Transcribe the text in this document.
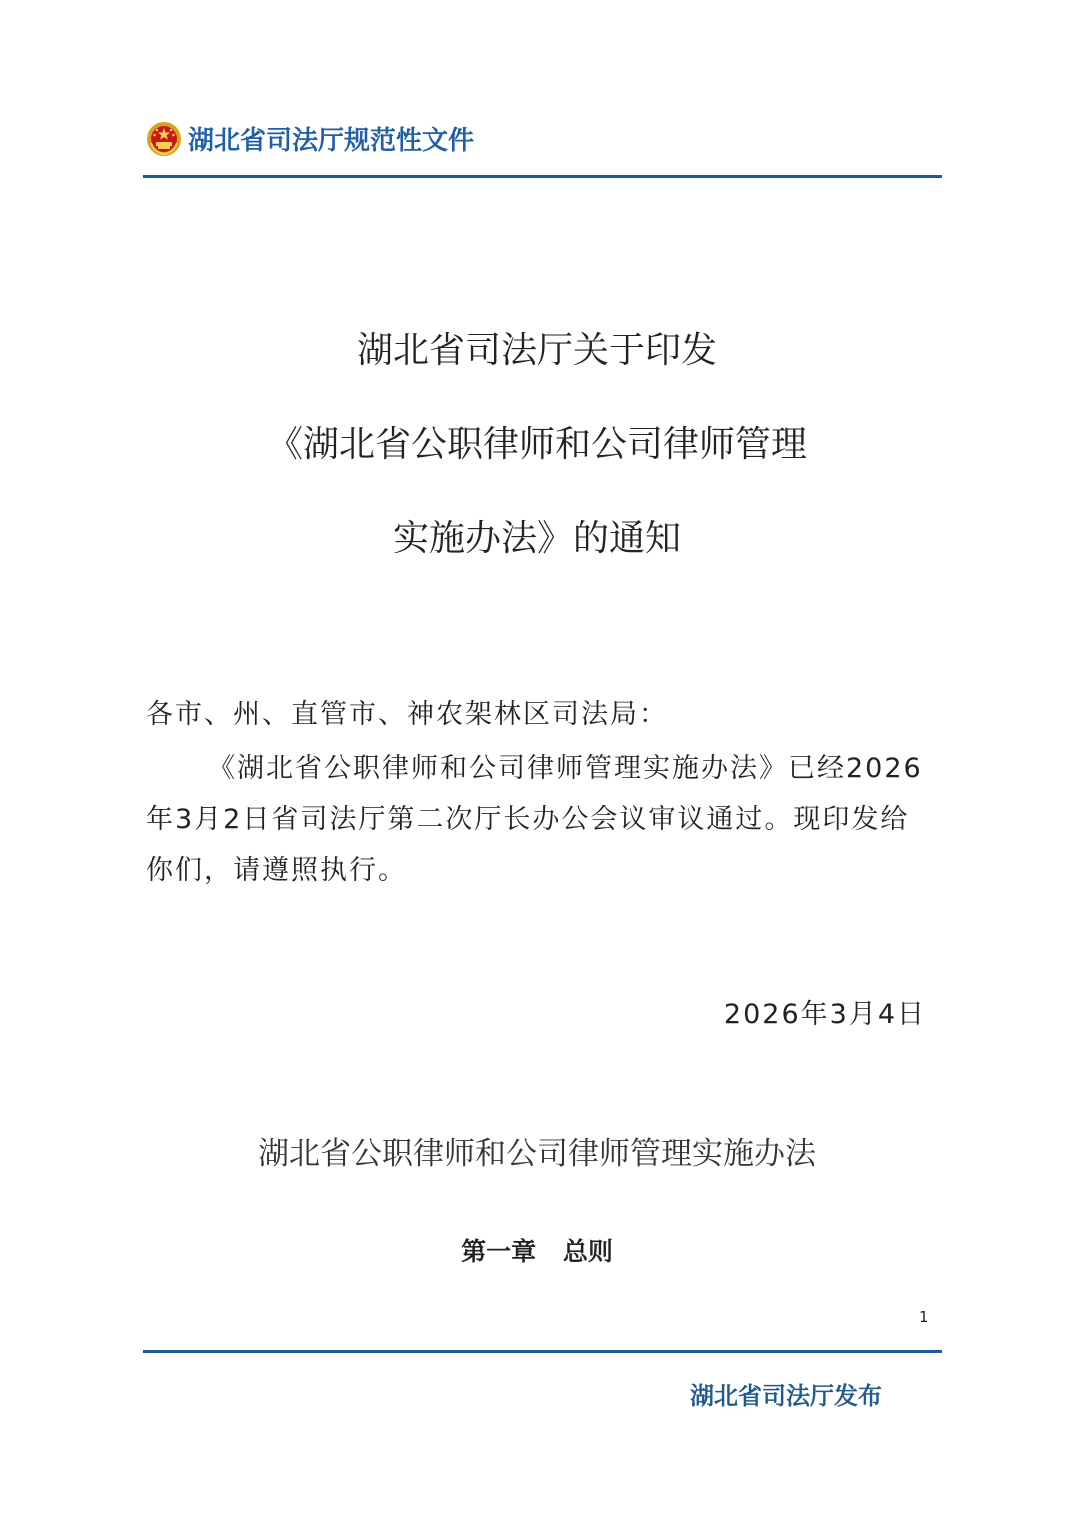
湖北省司法厅规范性文件
湖北省司法厅关于印发
《湖北省公职律师和公司律师管理
实施办法》的通知
各市、州、直管市、神农架林区司法局：
《湖北省公职律师和公司律师管理实施办法》已经2026年3月2日省司法厅第二次厅长办公会议审议通过。现印发给你们，请遵照执行。
2026年3月4日
湖北省公职律师和公司律师管理实施办法
第一章 总则
1
湖北省司法厅发布
